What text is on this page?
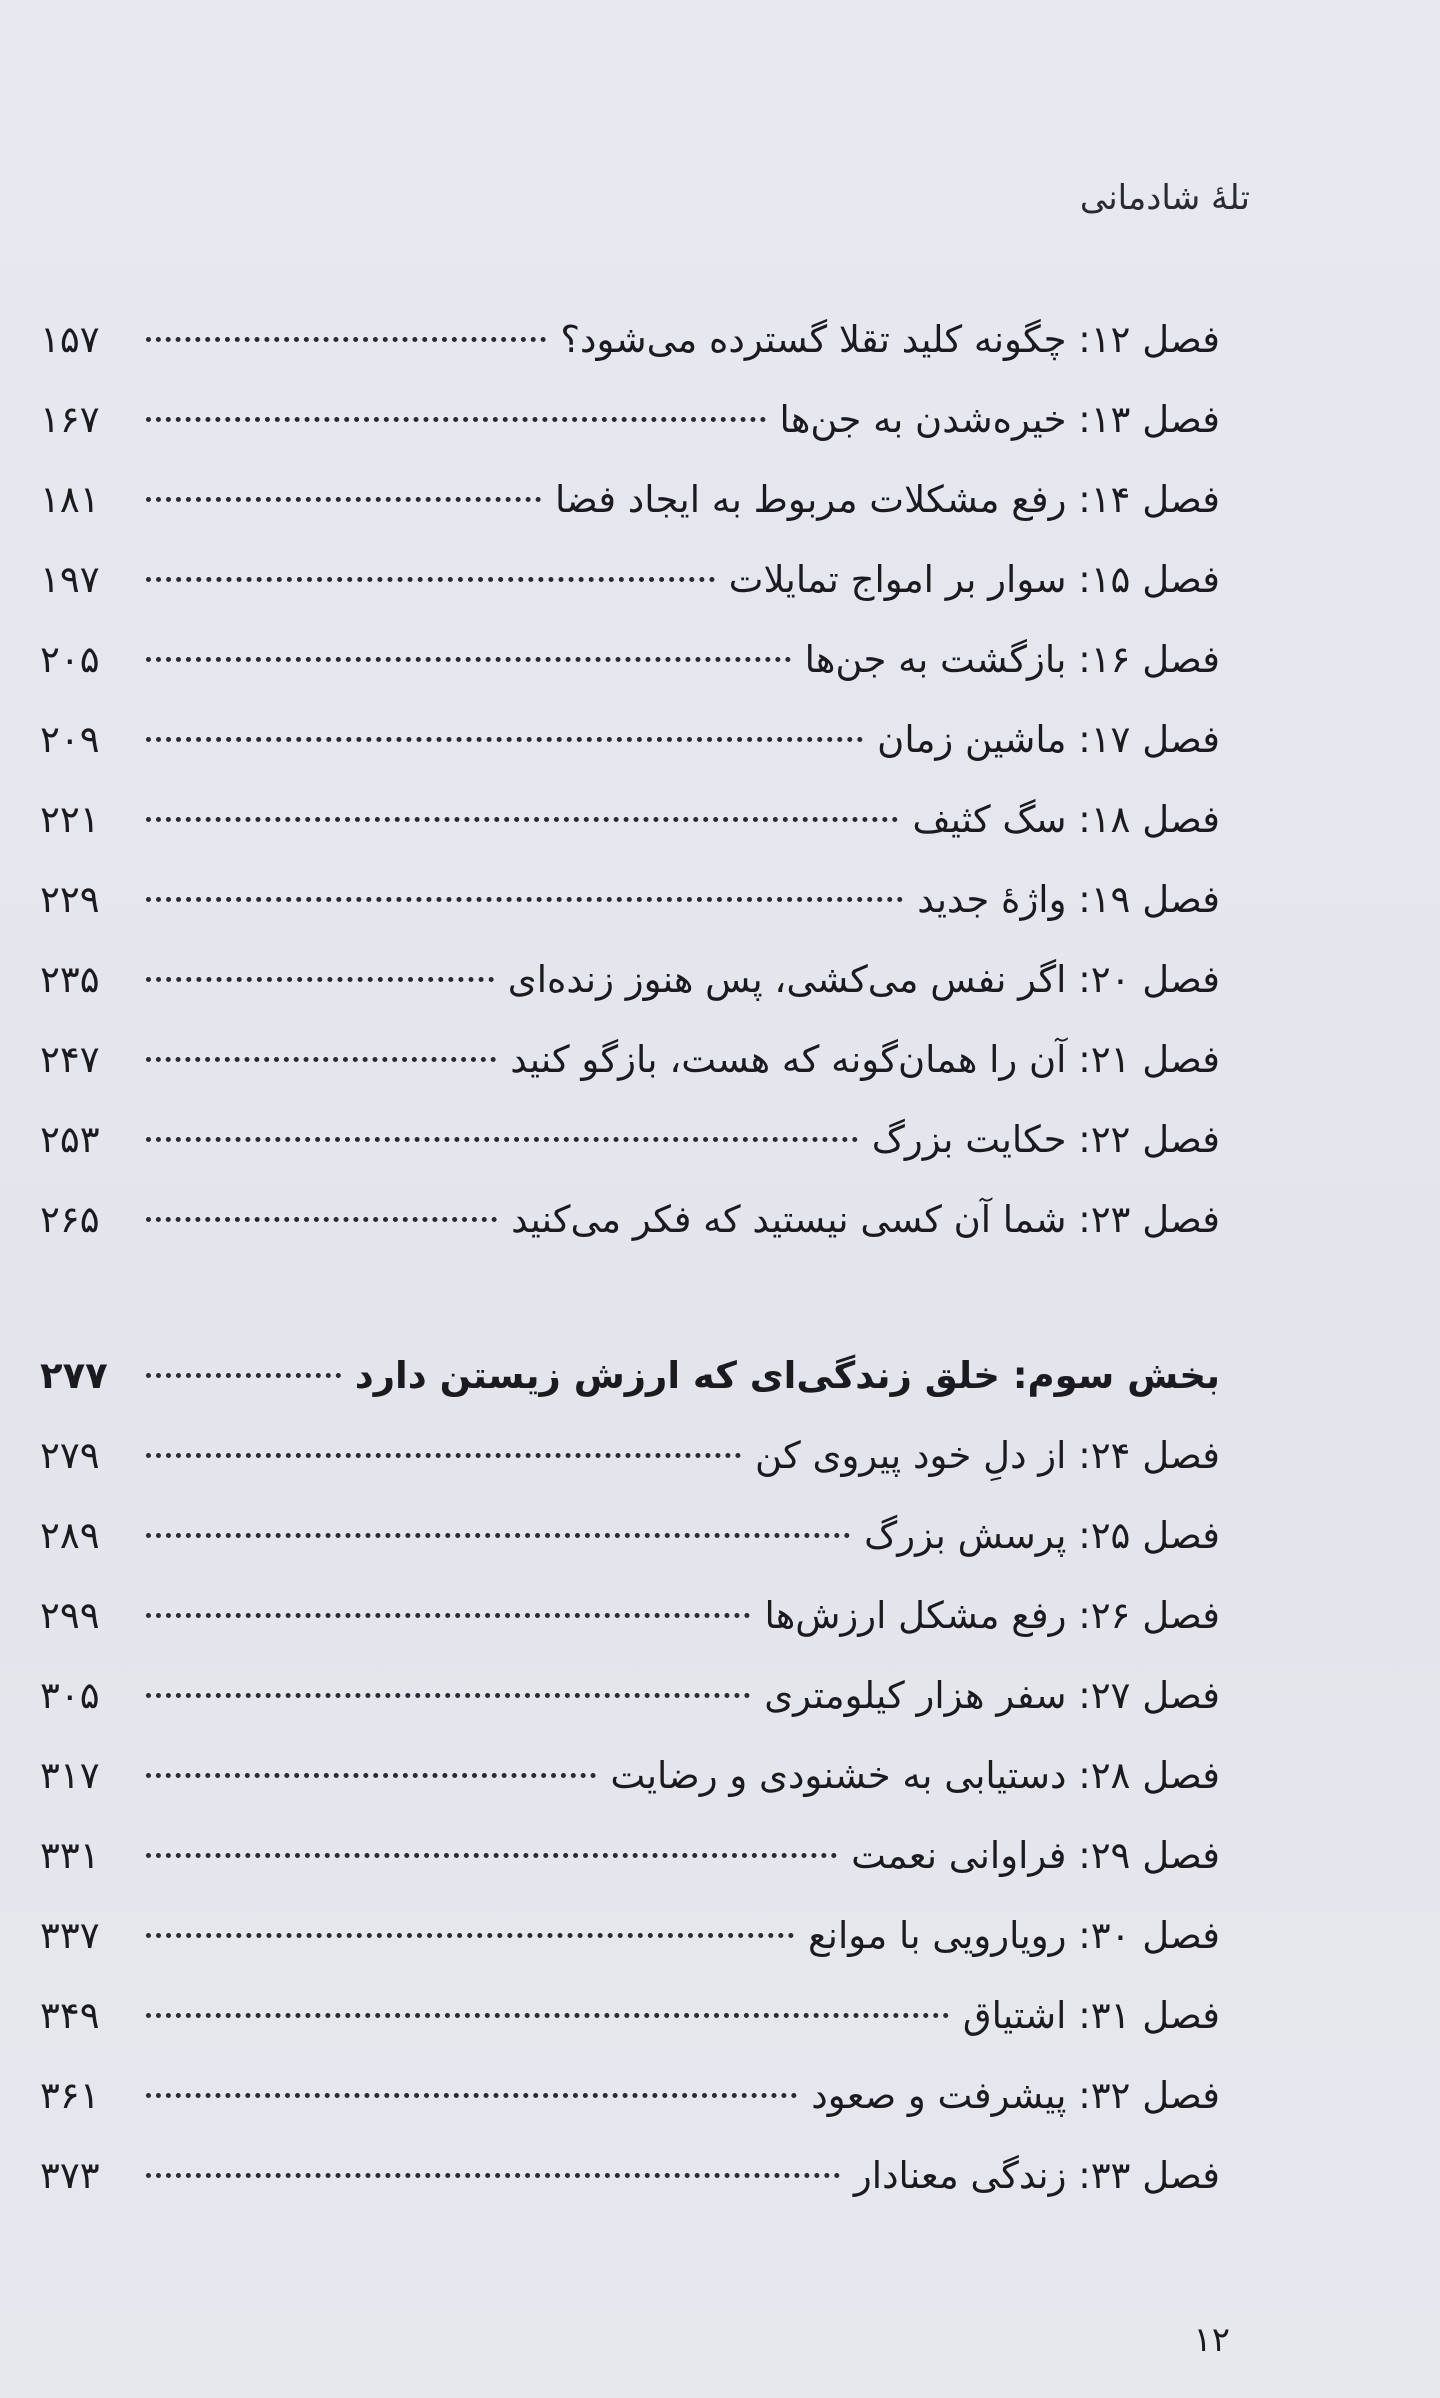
تلهٔ شادمانی
۱۵۷	فصل ۱۲: چگونه کلید تقلا گسترده می‌شود؟
۱۶۷	فصل ۱۳: خیره‌شدن به جن‌ها
۱۸۱	فصل ۱۴: رفع مشکلات مربوط به ایجاد فضا
۱۹۷	فصل ۱۵: سوار بر امواج تمایلات
۲۰۵	فصل ۱۶: بازگشت به جن‌ها
۲۰۹	فصل ۱۷: ماشین زمان
۲۲۱	فصل ۱۸: سگ کثیف
۲۲۹	فصل ۱۹: واژهٔ جدید
۲۳۵	فصل ۲۰: اگر نفس می‌کشی، پس هنوز زنده‌ای
۲۴۷	فصل ۲۱: آن را همان‌گونه که هست، بازگو کنید
۲۵۳	فصل ۲۲: حکایت بزرگ
۲۶۵	فصل ۲۳: شما آن کسی نیستید که فکر می‌کنید
۲۷۷	بخش سوم: خلق زندگی‌ای که ارزش زیستن دارد
۲۷۹	فصل ۲۴: از دلِ خود پیروی کن
۲۸۹	فصل ۲۵: پرسش بزرگ
۲۹۹	فصل ۲۶: رفع مشکل ارزش‌ها
۳۰۵	فصل ۲۷: سفر هزار کیلومتری
۳۱۷	فصل ۲۸: دستیابی به خشنودی و رضایت
۳۳۱	فصل ۲۹: فراوانی نعمت
۳۳۷	فصل ۳۰: رویارویی با موانع
۳۴۹	فصل ۳۱: اشتیاق
۳۶۱	فصل ۳۲: پیشرفت و صعود
۳۷۳	فصل ۳۳: زندگی معنادار
۱۲
